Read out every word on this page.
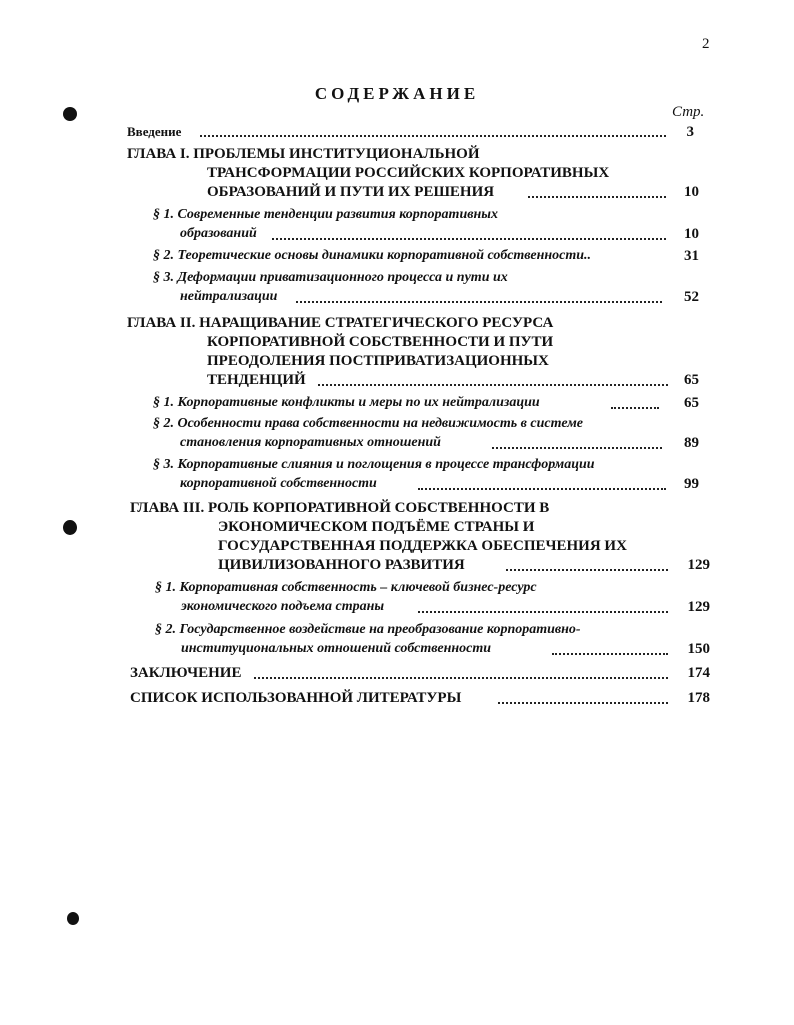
2
СОДЕРЖАНИЕ
Стр.
Введение	3
ГЛАВА I. ПРОБЛЕМЫ ИНСТИТУЦИОНАЛЬНОЙ
ТРАНСФОРМАЦИИ РОССИЙСКИХ КОРПОРАТИВНЫХ
ОБРАЗОВАНИЙ И ПУТИ ИХ РЕШЕНИЯ	10
§ 1. Современные тенденции развития корпоративных
образований	10
§ 2. Теоретические основы динамики корпоративной собственности..	31
§ 3. Деформации приватизационного процесса и пути их
нейтрализации	52
ГЛАВА II. НАРАЩИВАНИЕ СТРАТЕГИЧЕСКОГО РЕСУРСА
КОРПОРАТИВНОЙ СОБСТВЕННОСТИ И ПУТИ
ПРЕОДОЛЕНИЯ ПОСТПРИВАТИЗАЦИОННЫХ
ТЕНДЕНЦИЙ	65
§ 1. Корпоративные конфликты и меры по их нейтрализации	65
§ 2. Особенности права собственности на недвижимость в системе
становления корпоративных отношений	89
§ 3. Корпоративные слияния и поглощения в процессе трансформации
корпоративной собственности	99
ГЛАВА III. РОЛЬ КОРПОРАТИВНОЙ СОБСТВЕННОСТИ В
ЭКОНОМИЧЕСКОМ ПОДЪЁМЕ СТРАНЫ И
ГОСУДАРСТВЕННАЯ ПОДДЕРЖКА ОБЕСПЕЧЕНИЯ ИХ
ЦИВИЛИЗОВАННОГО РАЗВИТИЯ	129
§ 1. Корпоративная собственность – ключевой бизнес-ресурс
экономического подъема страны	129
§ 2. Государственное воздействие на преобразование корпоративно-
институциональных отношений собственности	150
ЗАКЛЮЧЕНИЕ	174
СПИСОК ИСПОЛЬЗОВАННОЙ ЛИТЕРАТУРЫ	178
